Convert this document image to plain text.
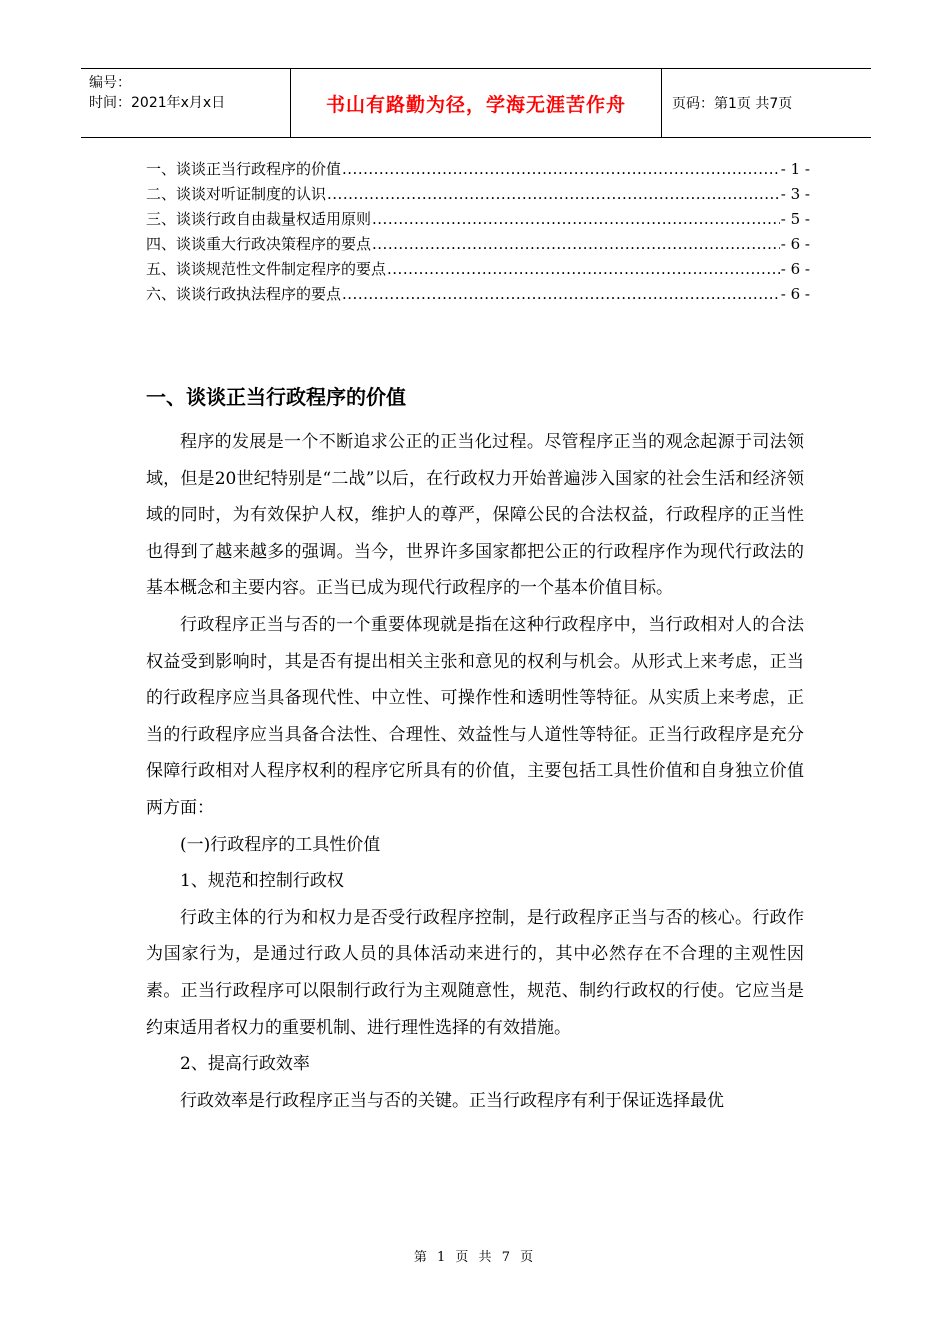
编号：
时间：2021年x月x日	书山有路勤为径，学海无涯苦作舟	页码：第1页 共7页
一、谈谈正当行政程序的价值 .....	- 1 -
二、谈谈对听证制度的认识 .....	- 3 -
三、谈谈行政自由裁量权适用原则 .....	- 5 -
四、谈谈重大行政决策程序的要点 .....	- 6 -
五、谈谈规范性文件制定程序的要点 .....	- 6 -
六、谈谈行政执法程序的要点 .....	- 6 -
一、谈谈正当行政程序的价值

程序的发展是一个不断追求公正的正当化过程。尽管程序正当的观念起源于司法领域，但是20世纪特别是“二战”以后，在行政权力开始普遍涉入国家的社会生活和经济领域的同时，为有效保护人权，维护人的尊严，保障公民的合法权益，行政程序的正当性也得到了越来越多的强调。当今，世界许多国家都把公正的行政程序作为现代行政法的基本概念和主要内容。正当已成为现代行政程序的一个基本价值目标。

行政程序正当与否的一个重要体现就是指在这种行政程序中，当行政相对人的合法权益受到影响时，其是否有提出相关主张和意见的权利与机会。从形式上来考虑，正当的行政程序应当具备现代性、中立性、可操作性和透明性等特征。从实质上来考虑，正当的行政程序应当具备合法性、合理性、效益性与人道性等特征。正当行政程序是充分保障行政相对人程序权利的程序它所具有的价值，主要包括工具性价值和自身独立价值两方面：

(一)行政程序的工具性价值

1、规范和控制行政权

行政主体的行为和权力是否受行政程序控制，是行政程序正当与否的核心。行政作为国家行为，是通过行政人员的具体活动来进行的，其中必然存在不合理的主观性因素。正当行政程序可以限制行政行为主观随意性，规范、制约行政权的行使。它应当是约束适用者权力的重要机制、进行理性选择的有效措施。

2、提高行政效率

行政效率是行政程序正当与否的关键。正当行政程序有利于保证选择最优

第 1 页 共 7 页
